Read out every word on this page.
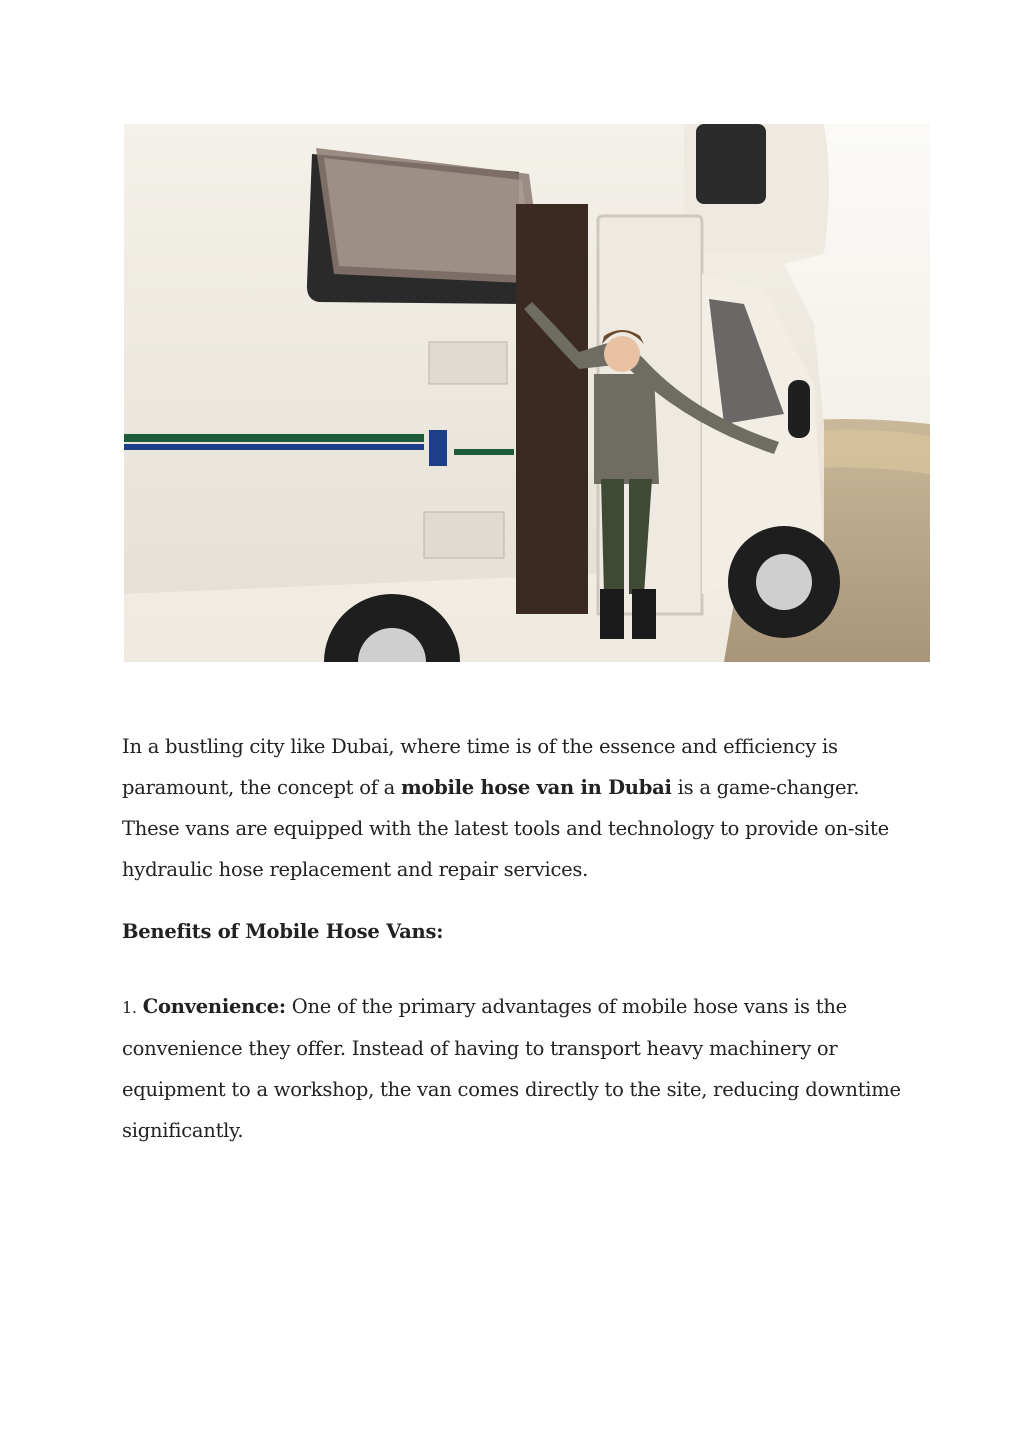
In a bustling city like Dubai, where time is of the essence and efficiency is paramount, the concept of a mobile hose van in Dubai is a game-changer. These vans are equipped with the latest tools and technology to provide on-site hydraulic hose replacement and repair services.

Benefits of Mobile Hose Vans:

1. Convenience: One of the primary advantages of mobile hose vans is the convenience they offer. Instead of having to transport heavy machinery or equipment to a workshop, the van comes directly to the site, reducing downtime significantly.
